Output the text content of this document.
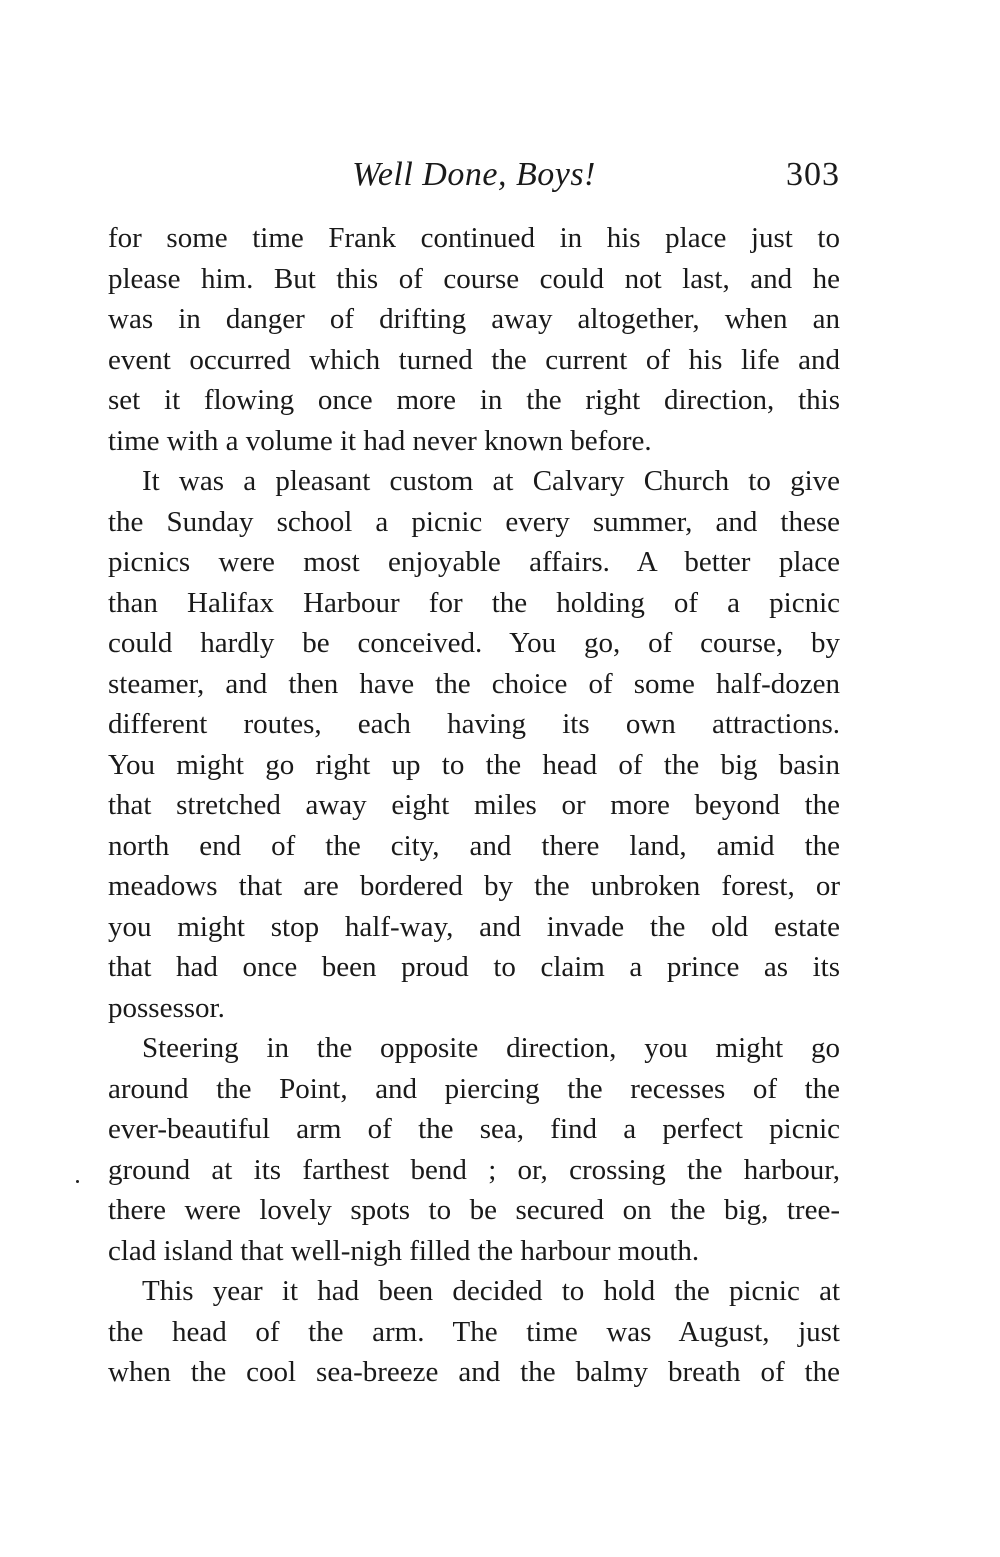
Well Done, Boys!	303
for some time Frank continued in his place just to
please him. But this of course could not last, and he
was in danger of drifting away altogether, when an
event occurred which turned the current of his life and
set it flowing once more in the right direction, this
time with a volume it had never known before.
It was a pleasant custom at Calvary Church to give
the Sunday school a picnic every summer, and these
picnics were most enjoyable affairs. A better place
than Halifax Harbour for the holding of a picnic
could hardly be conceived. You go, of course, by
steamer, and then have the choice of some half-dozen
different routes, each having its own attractions.
You might go right up to the head of the big basin
that stretched away eight miles or more beyond the
north end of the city, and there land, amid the
meadows that are bordered by the unbroken forest, or
you might stop half-way, and invade the old estate
that had once been proud to claim a prince as its
possessor.
Steering in the opposite direction, you might go
around the Point, and piercing the recesses of the
ever-beautiful arm of the sea, find a perfect picnic
ground at its farthest bend ; or, crossing the harbour,
there were lovely spots to be secured on the big, tree-
clad island that well-nigh filled the harbour mouth.
This year it had been decided to hold the picnic at
the head of the arm. The time was August, just
when the cool sea-breeze and the balmy breath of the
